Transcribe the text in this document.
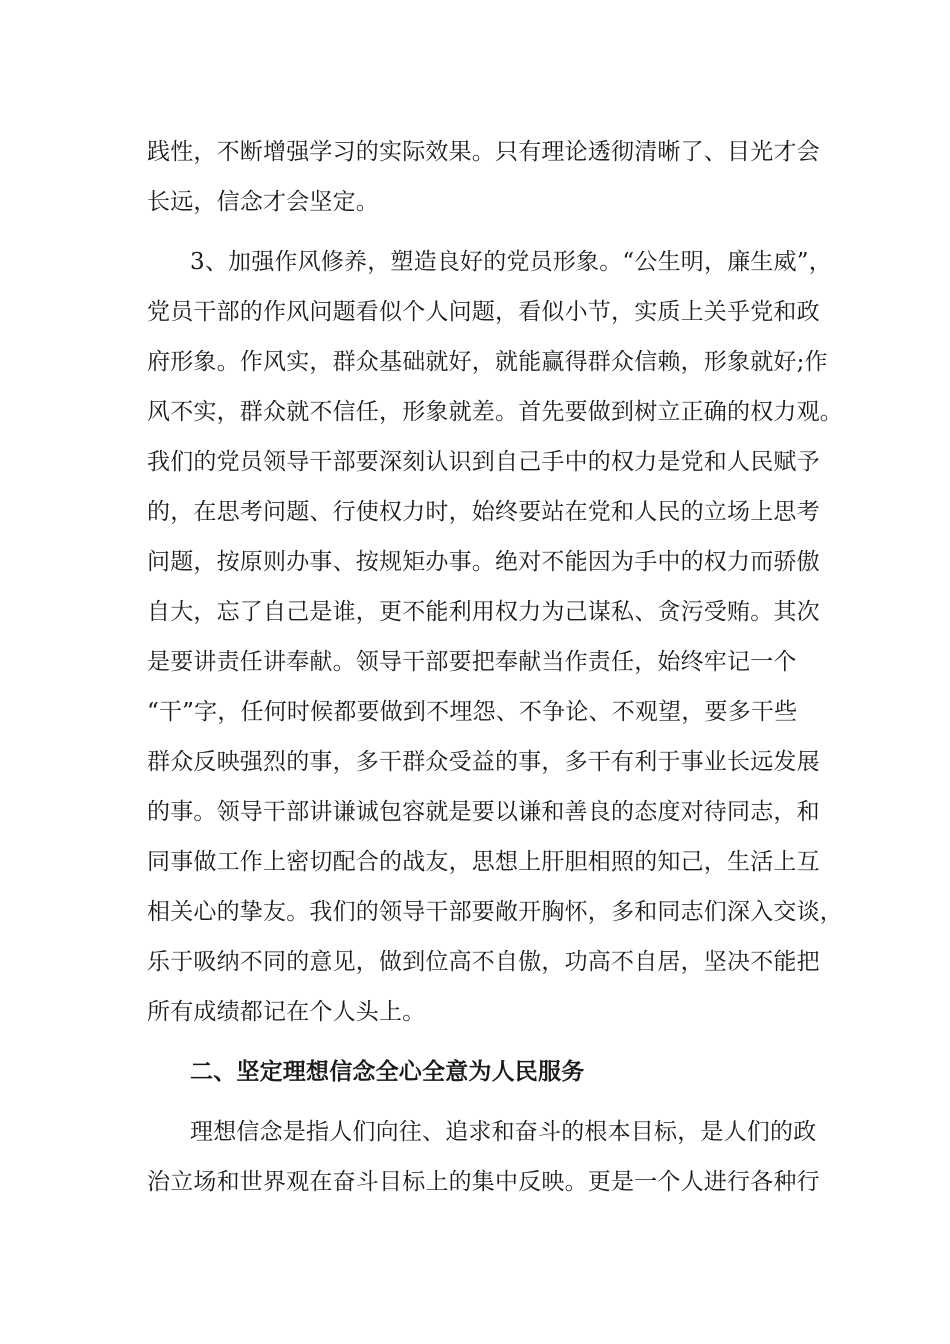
践性，不断增强学习的实际效果。只有理论透彻清晰了、目光才会
长远，信念才会坚定。
3、加强作风修养，塑造良好的党员形象。“公生明，廉生威”，
党员干部的作风问题看似个人问题，看似小节，实质上关乎党和政
府形象。作风实，群众基础就好，就能赢得群众信赖，形象就好;作
风不实，群众就不信任，形象就差。首先要做到树立正确的权力观。
我们的党员领导干部要深刻认识到自己手中的权力是党和人民赋予
的，在思考问题、行使权力时，始终要站在党和人民的立场上思考
问题，按原则办事、按规矩办事。绝对不能因为手中的权力而骄傲
自大，忘了自己是谁，更不能利用权力为己谋私、贪污受贿。其次
是要讲责任讲奉献。领导干部要把奉献当作责任，始终牢记一个
“干”字，任何时候都要做到不埋怨、不争论、不观望，要多干些
群众反映强烈的事，多干群众受益的事，多干有利于事业长远发展
的事。领导干部讲谦诚包容就是要以谦和善良的态度对待同志，和
同事做工作上密切配合的战友，思想上肝胆相照的知己，生活上互
相关心的挚友。我们的领导干部要敞开胸怀，多和同志们深入交谈，
乐于吸纳不同的意见，做到位高不自傲，功高不自居，坚决不能把
所有成绩都记在个人头上。
二、坚定理想信念全心全意为人民服务
理想信念是指人们向往、追求和奋斗的根本目标，是人们的政
治立场和世界观在奋斗目标上的集中反映。更是一个人进行各种行
